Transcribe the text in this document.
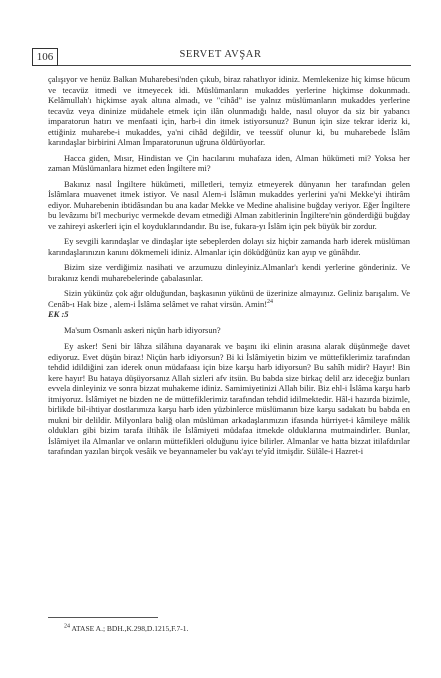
106	SERVET AVŞAR

çalışıyor ve henüz Balkan Muharebesi'nden çıkub, biraz rahatlıyor idiniz. Memlekenize hiç kimse hücum ve tecavüz itmedi ve itmeyecek idi. Müslümanların mukaddes yerlerine hiçkimse dokunmadı. Kelâmullah'ı hiçkimse ayak altına almadı, ve "cihâd" ise yalnız müslümanların mukaddes yerlerine tecavüz veya dininize müdahele etmek için ilân olunmadığı halde, nasıl oluyor da siz bir yabancı imparatorun hatırı ve menfaati için, harb-i din itmek istiyorsunuz? Bunun için size tekrar ideriz ki, ettiğiniz muharebe-i mukaddes, ya'ni cihâd değildir, ve teessüf olunur ki, bu muharebede İslâm karındaşlar birbirini Alman İmparatorunun uğruna öldürüyorlar.

Hacca giden, Mısır, Hindistan ve Çin hacılarını muhafaza iden, Alman hükümeti mi? Yoksa her zaman Müslümanlara hizmet eden İngiltere mi?

Bakınız nasıl İngiltere hükümeti, milletleri, temyiz etmeyerek dünyanın her tarafından gelen İslâmlara muavenet itmek istiyor. Ve nasıl Alem-i İslâmın mukaddes yerlerini ya'ni Mekke'yi ihtirâm ediyor. Muharebenin ibtidâsından bu ana kadar Mekke ve Medine ahalisine buğday veriyor. Eğer İngiltere bu levâzımı bi'l mecburiyc vermekde devam etmediği Alman zabitlerinin İngiltere'nin gönderdiğü buğday ve zahireyi askerleri için el koyduklarındandır. Bu ise, fukara-yı İslâm için pek büyük bir zordur.

Ey sevgili karındaşlar ve dindaşlar işte sebeplerden dolayı siz hiçbir zamanda harb iderek müslüman karındaşlarınızın kanını dökmemeli idiniz. Almanlar için döküdğünüz kan ayıp ve günâhdır.

Bizim size verdiğimiz nasihati ve arzumuzu dinleyiniz.Almanlar'ı kendi yerlerine gönderiniz. Ve bırakınız kendi muharebelerinde çabalasınlar.

Sizin yükünüz çok ağır olduğundan, başkasının yükünü de üzerinize almayınız. Geliniz barışalım. Ve Cenâb-ı Hak bize , alem-i İslâma selâmet ve rahat virsün. Amin!$^{24}$

EK :5

Ma'sum Osmanlı askeri niçün harb idiyorsun?

Ey asker! Seni bir lâhza silâhına dayanarak ve başını iki elinin arasına alarak düşünmeğe davet ediyoruz. Evet düşün biraz! Niçün harb idiyorsun? Bi ki İslâmiyetin bizim ve müttefiklerimiz tarafından tehdid idildiğini zan iderek onun müdafaası için bize karşu harb idiyorsun? Bu sahîh midir? Hayır! Bin kere hayır! Bu hataya düşüyorsanız Allah sizleri afv itsün. Bu babda size birkaç delil arz ideceğiz bunları evvela dinleyiniz ve sonra bizzat muhakeme idiniz. Samimiyetinizi Allah bilir. Biz ehl-i İslâma karşu harb itmiyoruz. İslâmiyet ne bizden ne de müttefiklerimiz tarafından tehdid idilmektedir. Hâl-i hazırda bizimle, birlikde bil-ihtiyar dostlarımıza karşu harb iden yüzbinlerce müslümanın bize karşu sadakatı bu babda en mukni bir delildir. Milyonlara baliğ olan müslüman arkadaşlarımızın ifasında hürriyet-i kâmileye mâlik oldukları gibi bizim tarafa iltihâk ile İslâmiyeti müdafaa itmekde olduklarına mutmaindirler. Bunlar, İslâmiyet ila Almanlar ve onların müttefikleri olduğunu iyice bilirler. Almanlar ve hatta bizzat itilafdırılar tarafından yazılan birçok vesâik ve beyannameler bu vak'ayı te'yîd itmişdir. Sülâle-i Hazret-i

$^{24}$ ATASE A.; BDH.,K.298,D.1215,F.7-1.
